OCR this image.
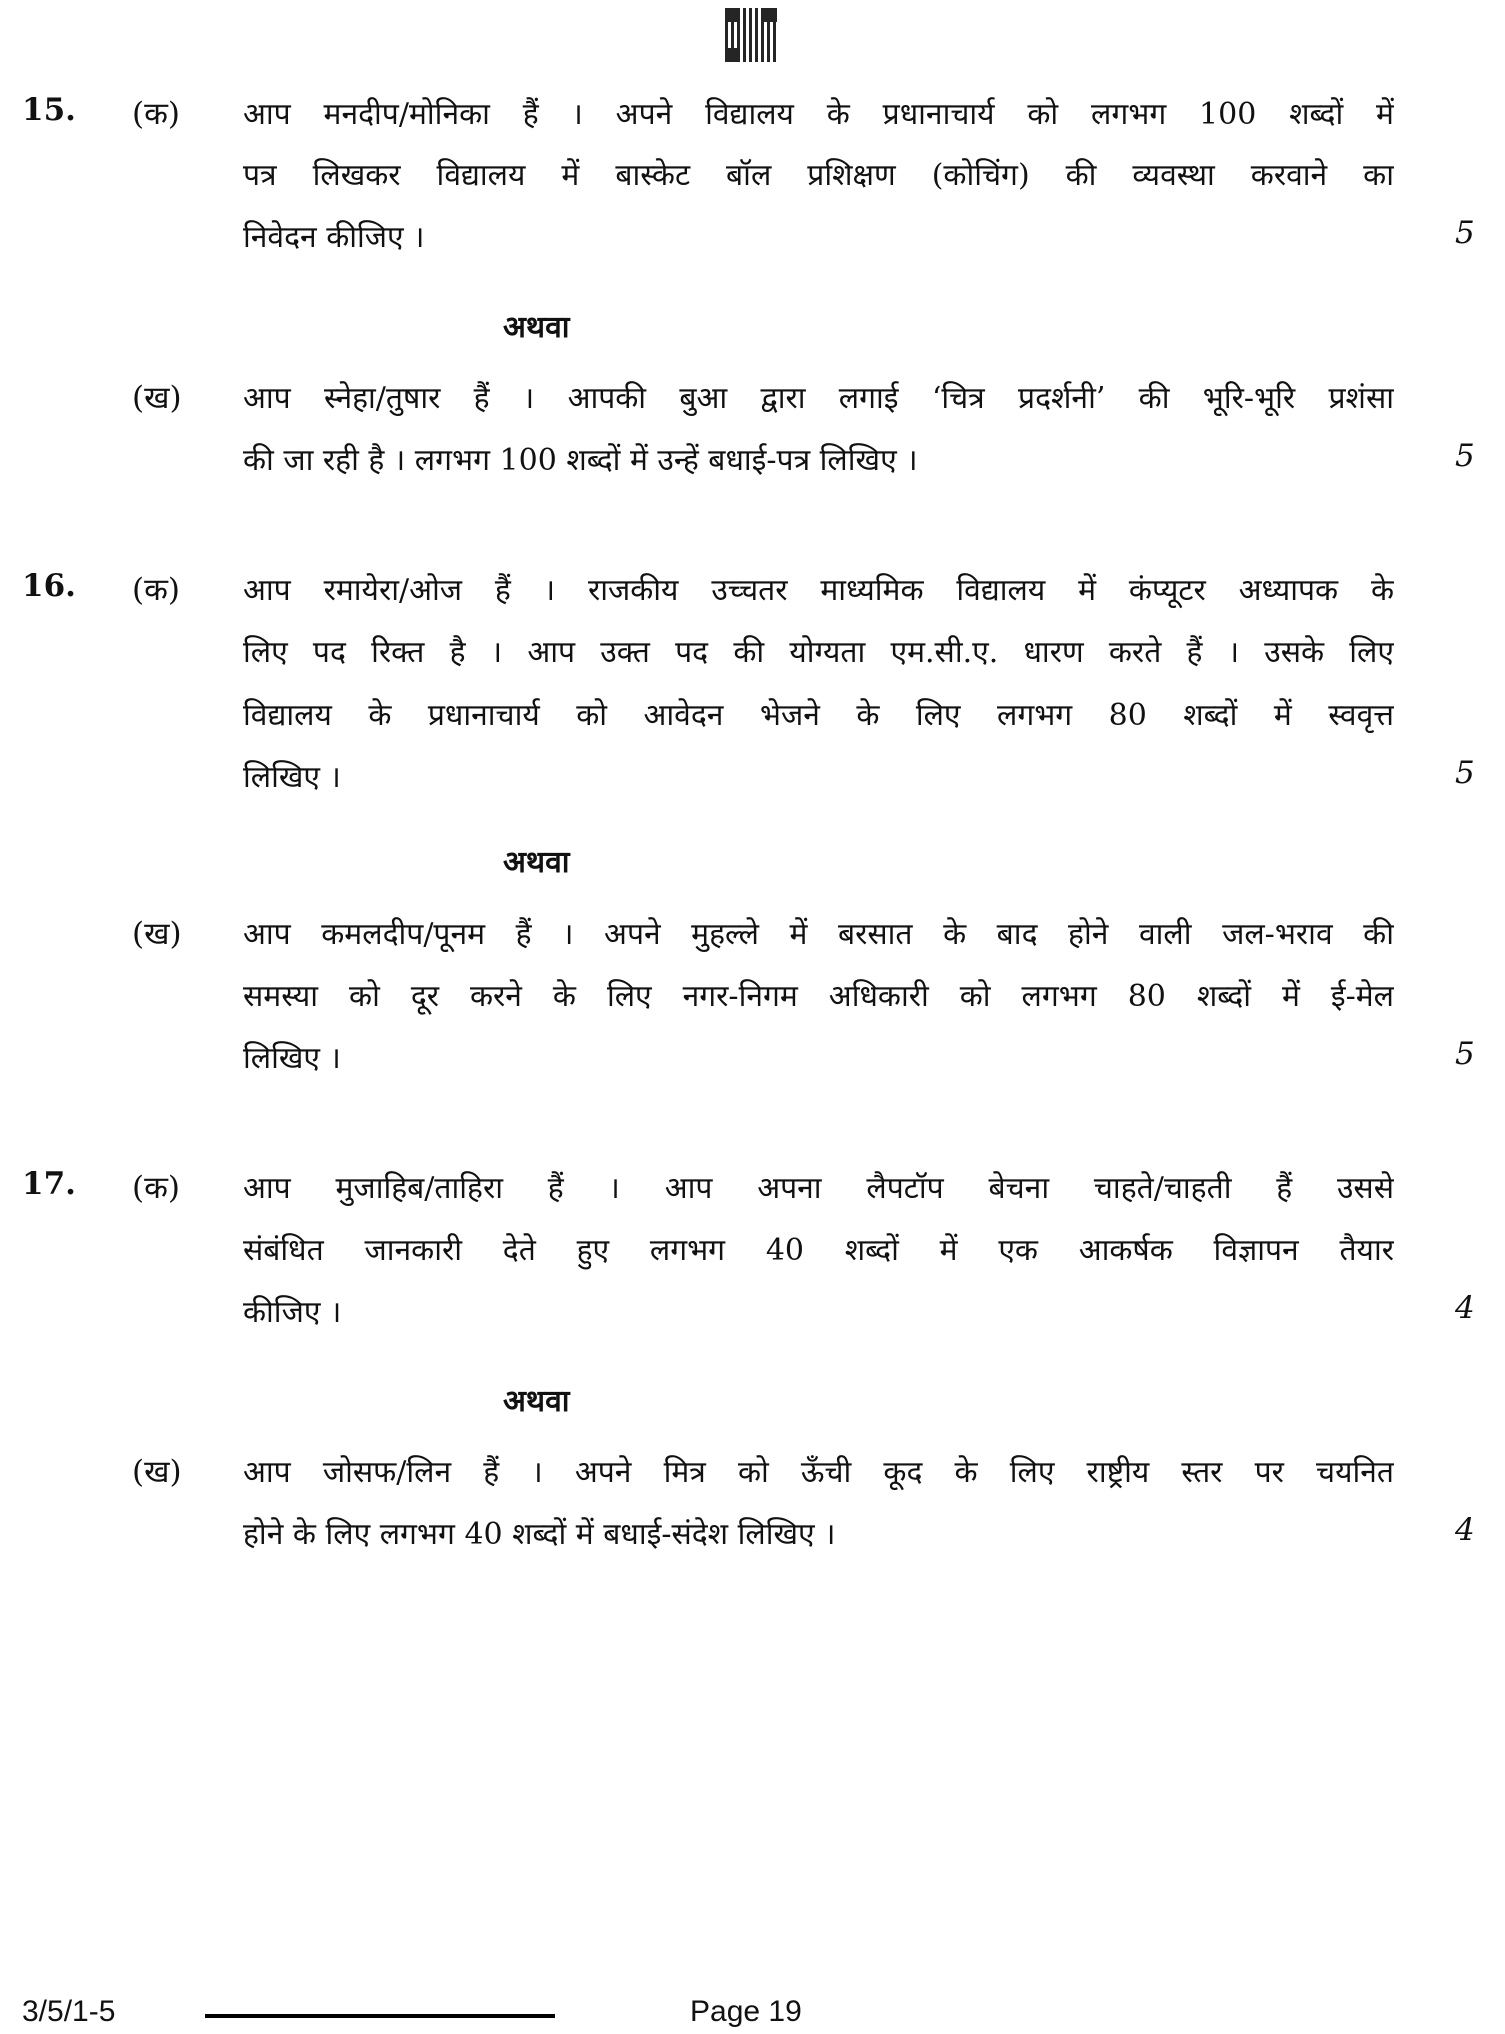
15. (क) आप मनदीप/मोनिका हैं । अपने विद्यालय के प्रधानाचार्य को लगभग 100 शब्दों में
पत्र लिखकर विद्यालय में बास्केट बॉल प्रशिक्षण (कोचिंग) की व्यवस्था करवाने का
निवेदन कीजिए ।	5
(ख) आप स्नेहा/तुषार हैं । आपकी बुआ द्वारा लगाई ‘चित्र प्रदर्शनी’ की भूरि-भूरि प्रशंसा
की जा रही है । लगभग 100 शब्दों में उन्हें बधाई-पत्र लिखिए ।	5
अथवा
16. (क) आप रमायेरा/ओज हैं । राजकीय उच्चतर माध्यमिक विद्यालय में कंप्यूटर अध्यापक के
लिए पद रिक्त है । आप उक्त पद की योग्यता एम.सी.ए. धारण करते हैं । उसके लिए
विद्यालय के प्रधानाचार्य को आवेदन भेजने के लिए लगभग 80 शब्दों में स्ववृत्त
लिखिए ।	5
(ख) आप कमलदीप/पूनम हैं । अपने मुहल्ले में बरसात के बाद होने वाली जल-भराव की
समस्या को दूर करने के लिए नगर-निगम अधिकारी को लगभग 80 शब्दों में ई-मेल
लिखिए ।	5
अथवा
17. (क) आप मुजाहिब/ताहिरा हैं । आप अपना लैपटॉप बेचना चाहते/चाहती हैं उससे
संबंधित जानकारी देते हुए लगभग 40 शब्दों में एक आकर्षक विज्ञापन तैयार
कीजिए ।	4
(ख) आप जोसफ/लिन हैं । अपने मित्र को ऊँची कूद के लिए राष्ट्रीय स्तर पर चयनित
होने के लिए लगभग 40 शब्दों में बधाई-संदेश लिखिए ।	4
अथवा
3/5/1-5	Page 19
